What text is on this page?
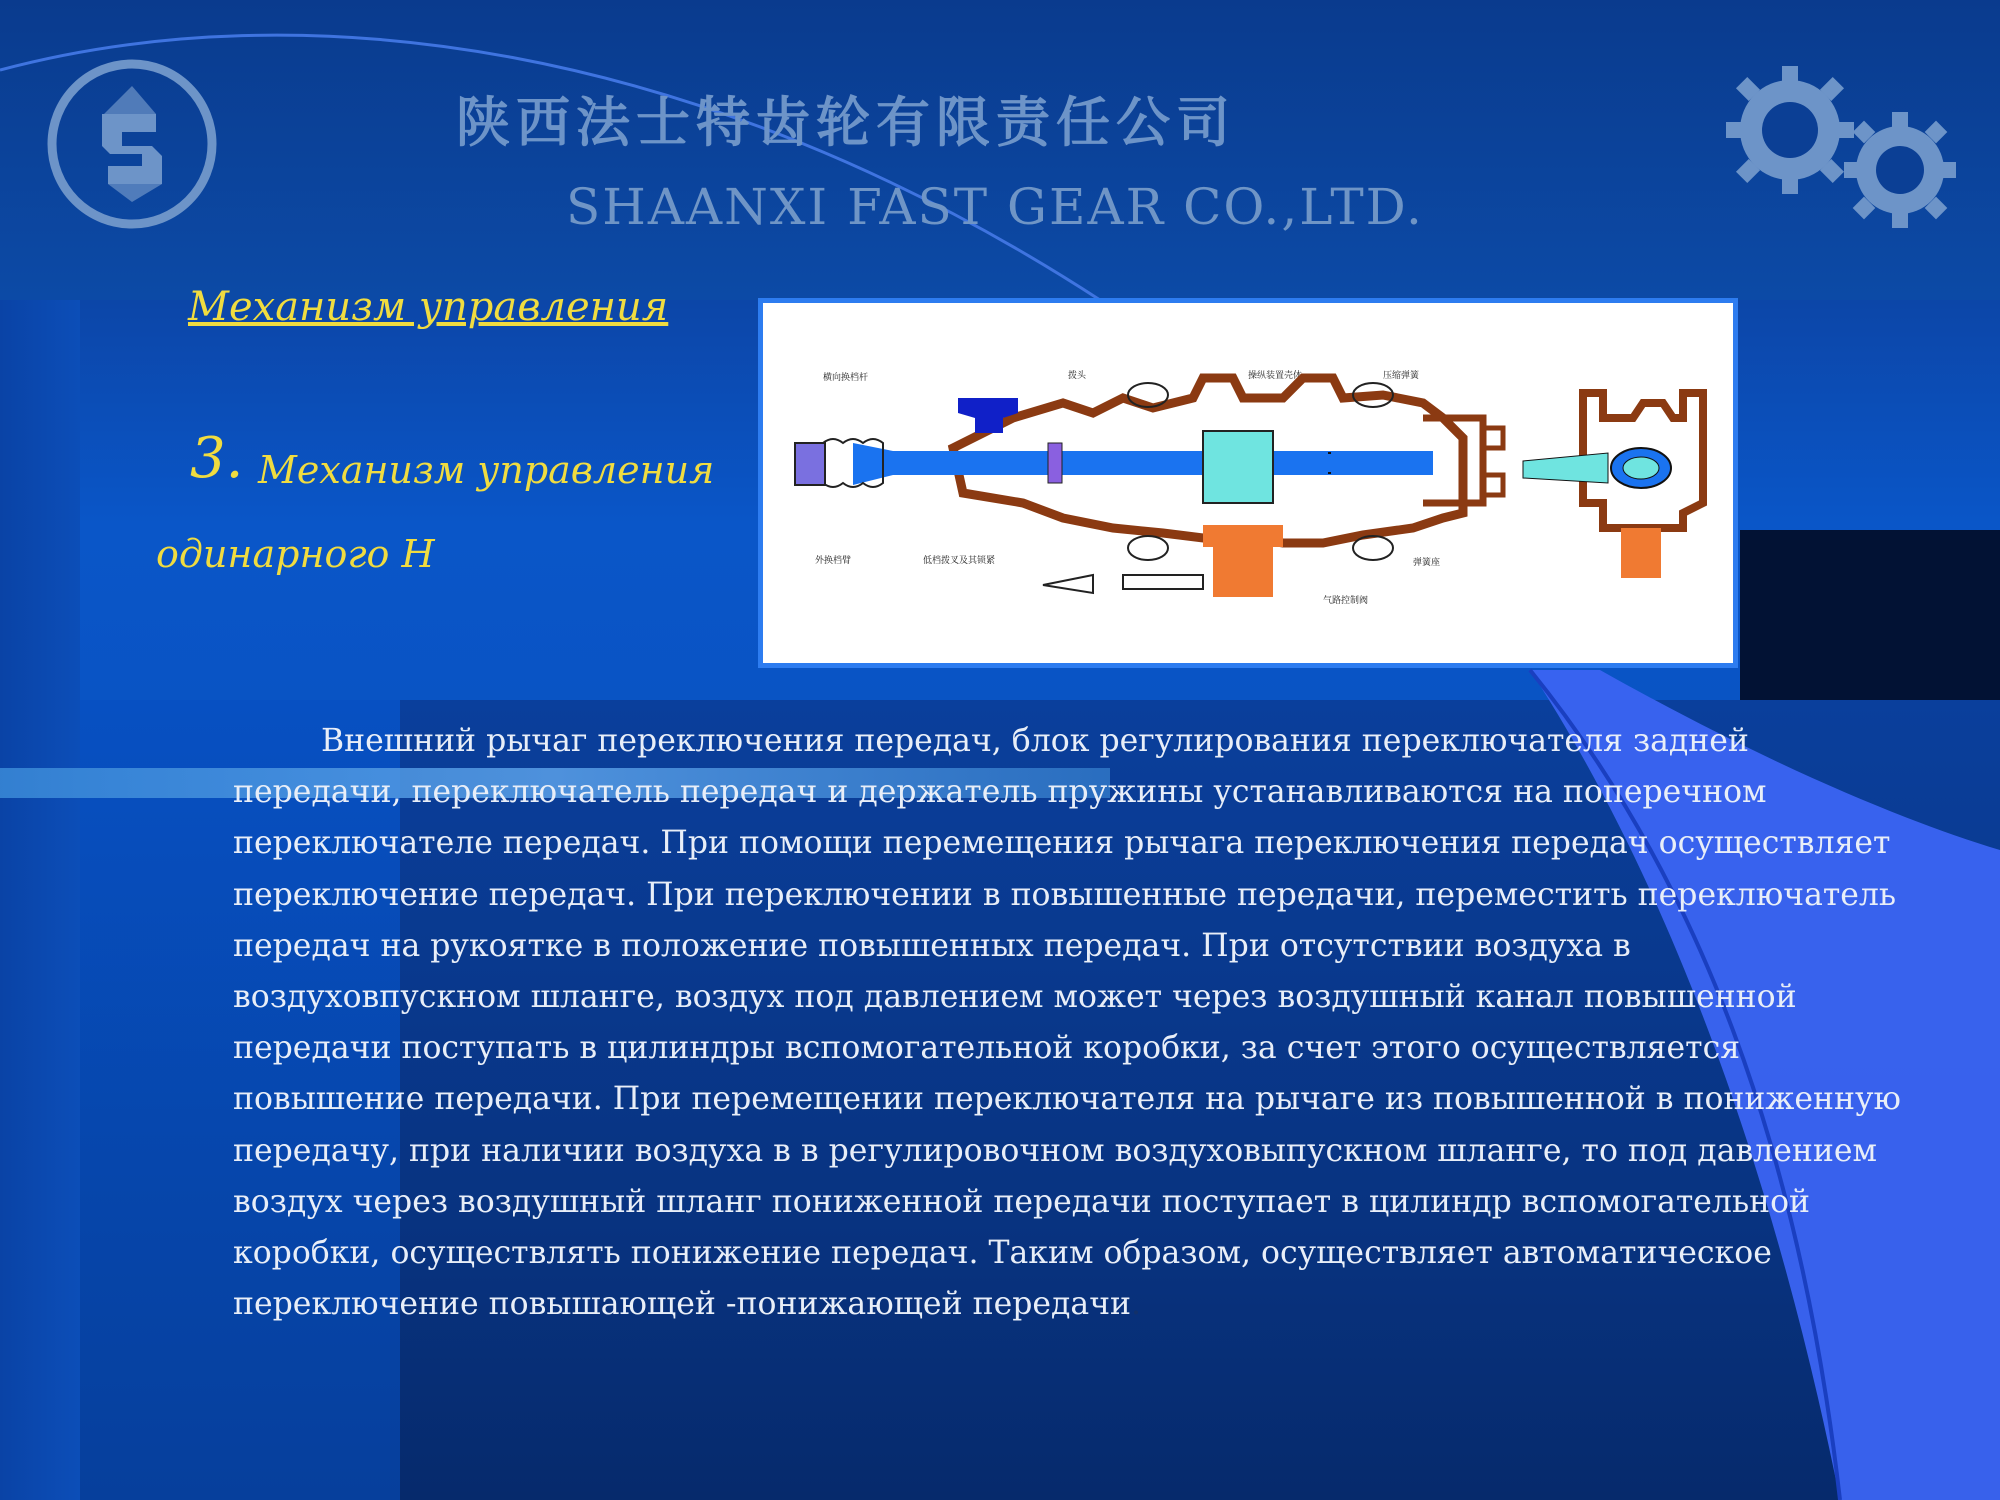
陕西法士特齿轮有限责任公司
SHAANXI FAST GEAR CO.,LTD.
Механизм управления
3. Механизм управления
одинарного Н
横向换档杆	拨头	操纵装置壳体	压缩弹簧
外换档臂	低档拨叉及其锁紧	弹簧座
气路控制阀
Внешний рычаг переключения передач, блок регулирования переключателя задней передачи, переключатель передач и держатель пружины устанавливаются на поперечном переключателе передач. При помощи перемещения рычага переключения передач осуществляет переключение передач. При переключении в повышенные передачи, переместить переключатель передач на рукоятке в положение повышенных передач. При отсутствии воздуха в воздуховпускном шланге, воздух под давлением может через воздушный канал повышенной передачи поступать в цилиндры вспомогательной коробки, за счет этого осуществляется повышение передачи. При перемещении переключателя на рычаге из повышенной в пониженную передачу, при наличии воздуха в в регулировочном воздуховыпускном шланге, то под давлением воздух через воздушный шланг пониженной передачи поступает в цилиндр вспомогательной коробки, осуществлять понижение передач. Таким образом, осуществляет автоматическое переключение повышающей -понижающей передачи.
